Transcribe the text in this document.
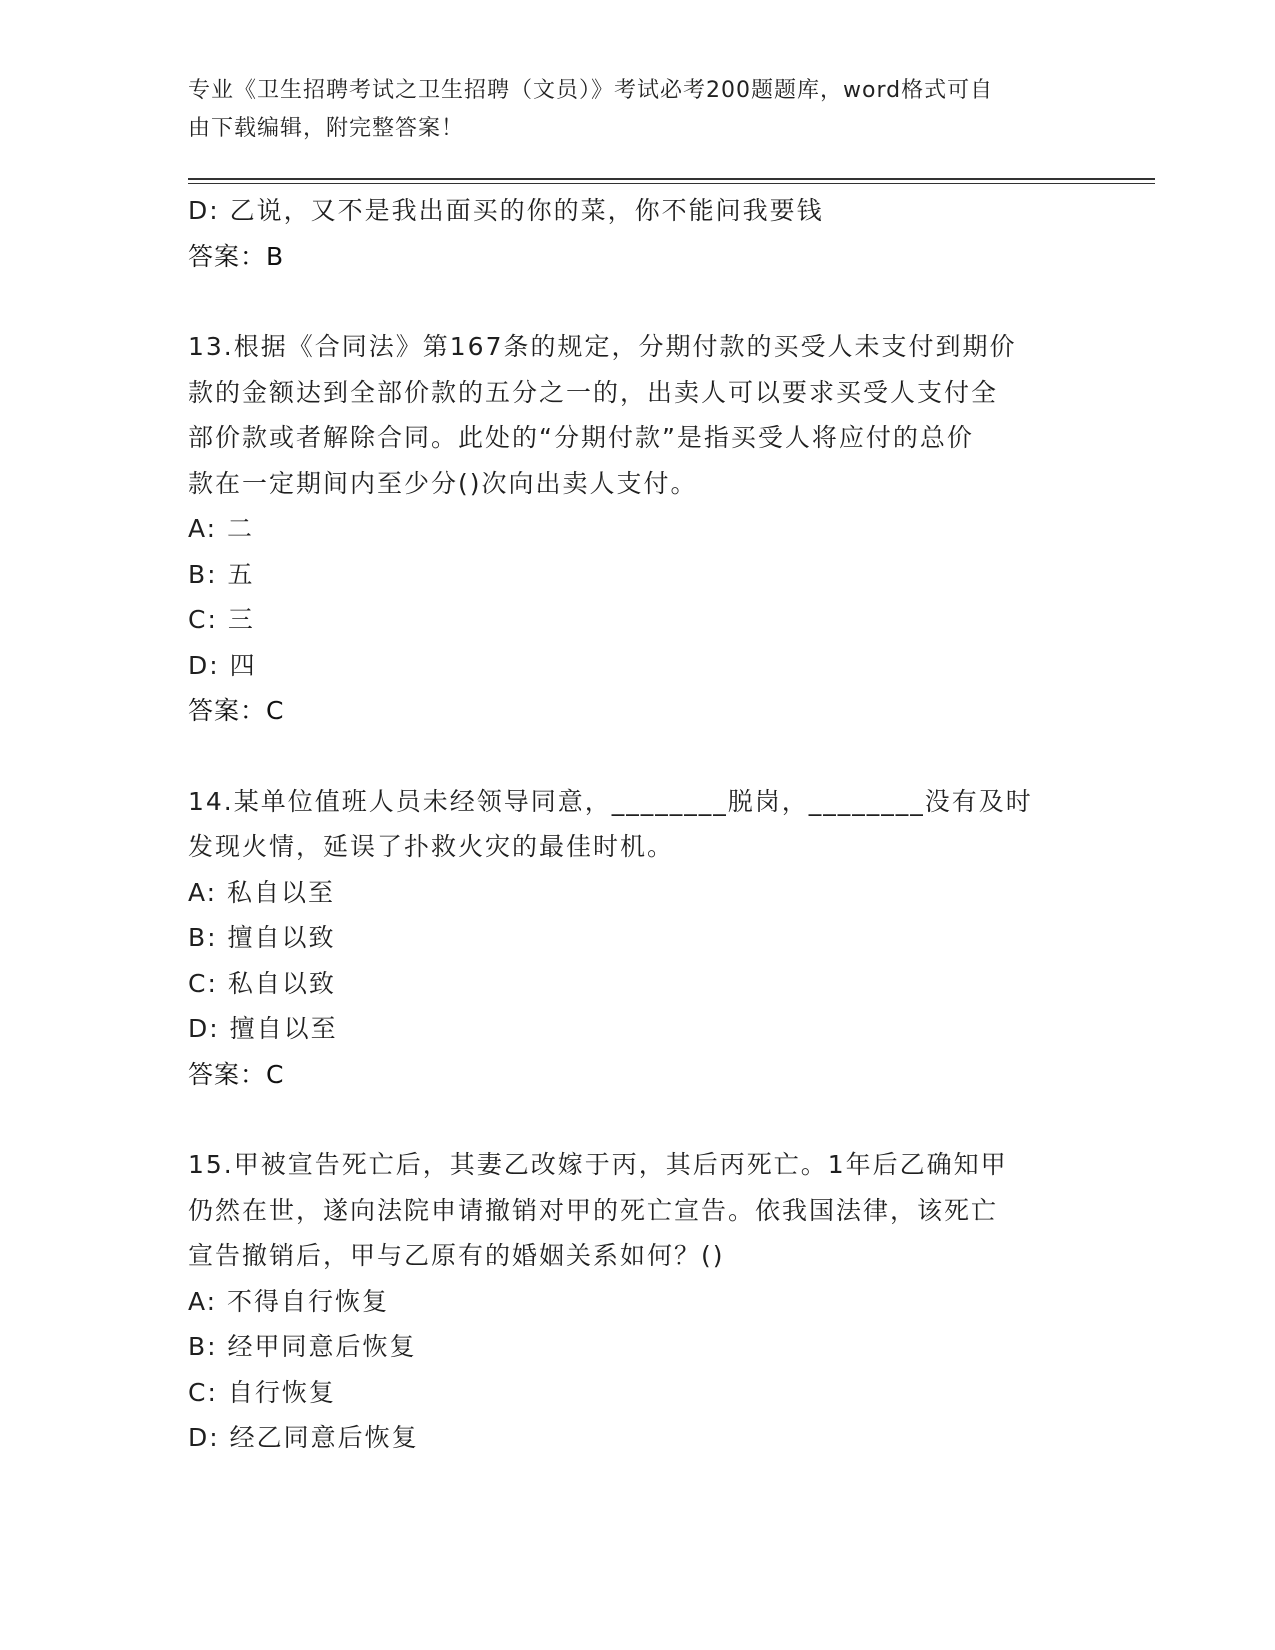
专业《卫生招聘考试之卫生招聘（文员）》考试必考200题题库，word格式可自
由下载编辑，附完整答案！
D: 乙说，又不是我出面买的你的菜，你不能问我要钱
答案：B
13.根据《合同法》第167条的规定，分期付款的买受人未支付到期价
款的金额达到全部价款的五分之一的，出卖人可以要求买受人支付全
部价款或者解除合同。此处的“分期付款”是指买受人将应付的总价
款在一定期间内至少分()次向出卖人支付。
A: 二
B: 五
C: 三
D: 四
答案：C
14.某单位值班人员未经领导同意，________脱岗，________没有及时
发现火情，延误了扑救火灾的最佳时机。
A: 私自以至
B: 擅自以致
C: 私自以致
D: 擅自以至
答案：C
15.甲被宣告死亡后，其妻乙改嫁于丙，其后丙死亡。1年后乙确知甲
仍然在世，遂向法院申请撤销对甲的死亡宣告。依我国法律，该死亡
宣告撤销后，甲与乙原有的婚姻关系如何？()
A: 不得自行恢复
B: 经甲同意后恢复
C: 自行恢复
D: 经乙同意后恢复
